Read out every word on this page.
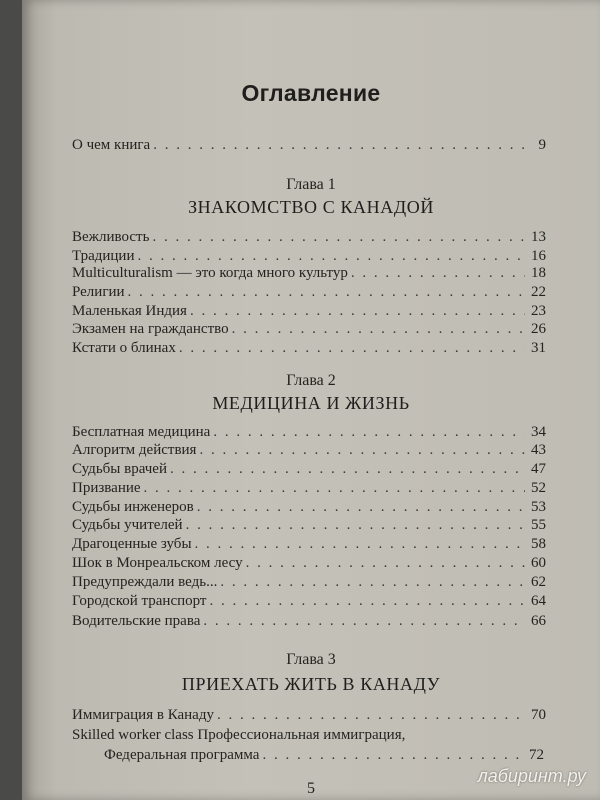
Оглавление
О чем книга . . .	9
Глава 1
ЗНАКОМСТВО С КАНАДОЙ
Вежливость . . .	13
Традиции . . .	16
Multiculturalism — это когда много культур . . .	18
Религии . . .	22
Маленькая Индия . . .	23
Экзамен на гражданство . . .	26
Кстати о блинах . . .	31
Глава 2
МЕДИЦИНА И ЖИЗНЬ
Бесплатная медицина . . .	34
Алгоритм действия . . .	43
Судьбы врачей . . .	47
Призвание . . .	52
Судьбы инженеров . . .	53
Судьбы учителей . . .	55
Драгоценные зубы . . .	58
Шок в Монреальском лесу . . .	60
Предупреждали ведь... . . .	62
Городской транспорт . . .	64
Водительские права . . .	66
Глава 3
ПРИЕХАТЬ ЖИТЬ В КАНАДУ
Иммиграция в Канаду . . .	70
Skilled worker class Профессиональная иммиграция,
Федеральная программа . . .	72
лабиринт.ру
5
